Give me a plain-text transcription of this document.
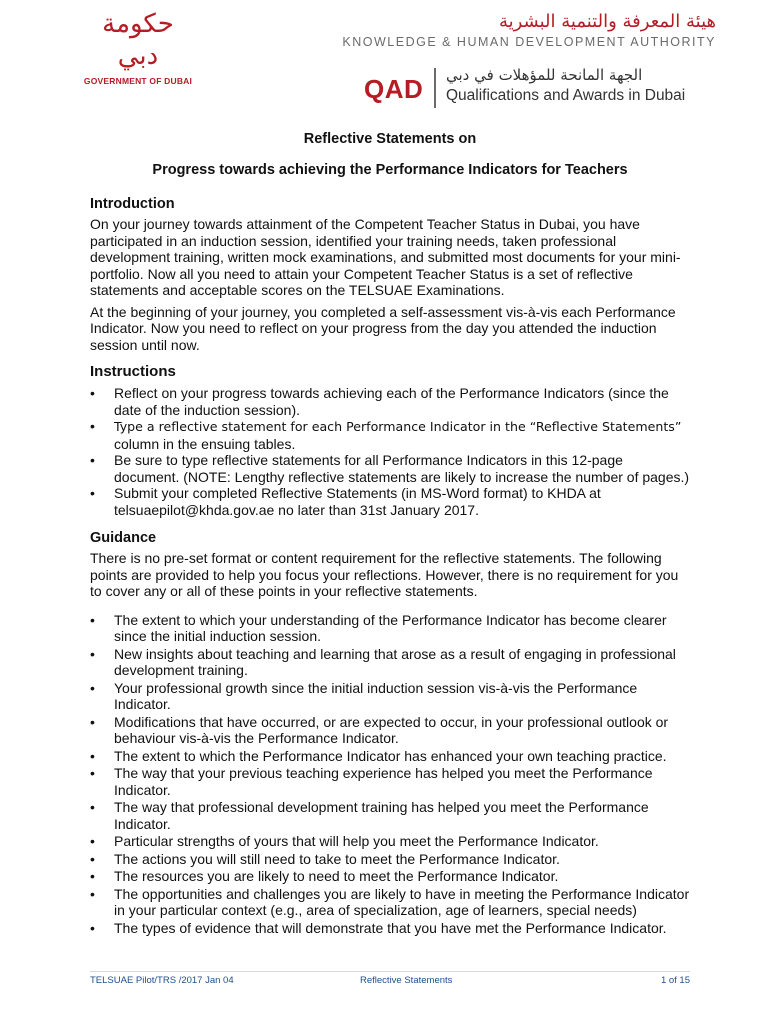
حكومة دبي
GOVERNMENT OF DUBAI
هيئة المعرفة والتنمية البشرية
KNOWLEDGE & HUMAN DEVELOPMENT AUTHORITY
QAD الجهة المانحة للمؤهلات في دبي
Qualifications and Awards in Dubai
Reflective Statements on
Progress towards achieving the Performance Indicators for Teachers
Introduction

On your journey towards attainment of the Competent Teacher Status in Dubai, you have participated in an induction session, identified your training needs, taken professional development training, written mock examinations, and submitted most documents for your mini-portfolio. Now all you need to attain your Competent Teacher Status is a set of reflective statements and acceptable scores on the TELSUAE Examinations.

At the beginning of your journey, you completed a self-assessment vis-à-vis each Performance Indicator. Now you need to reflect on your progress from the day you attended the induction session until now.

Instructions
• Reflect on your progress towards achieving each of the Performance Indicators (since the date of the induction session).
• Type a reflective statement for each Performance Indicator in the “Reflective Statements”
column in the ensuing tables.
• Be sure to type reflective statements for all Performance Indicators in this 12-page document. (NOTE: Lengthy reflective statements are likely to increase the number of pages.)
• Submit your completed Reflective Statements (in MS-Word format) to KHDA at telsuaepilot@khda.gov.ae no later than 31st January 2017.
Guidance

There is no pre-set format or content requirement for the reflective statements. The following points are provided to help you focus your reflections. However, there is no requirement for you to cover any or all of these points in your reflective statements.

• The extent to which your understanding of the Performance Indicator has become clearer since the initial induction session.
• New insights about teaching and learning that arose as a result of engaging in professional development training.
• Your professional growth since the initial induction session vis-à-vis the Performance Indicator.
• Modifications that have occurred, or are expected to occur, in your professional outlook or behaviour vis-à-vis the Performance Indicator.
• The extent to which the Performance Indicator has enhanced your own teaching practice.
• The way that your previous teaching experience has helped you meet the Performance Indicator.
• The way that professional development training has helped you meet the Performance Indicator.
• Particular strengths of yours that will help you meet the Performance Indicator.
• The actions you will still need to take to meet the Performance Indicator.
• The resources you are likely to need to meet the Performance Indicator.
• The opportunities and challenges you are likely to have in meeting the Performance Indicator in your particular context (e.g., area of specialization, age of learners, special needs)
• The types of evidence that will demonstrate that you have met the Performance Indicator.
TELSUAE Pilot/TRS /2017 Jan 04	Reflective Statements	1 of 15
